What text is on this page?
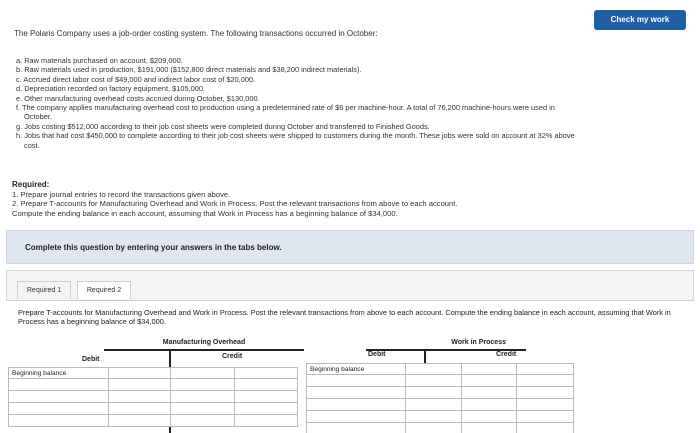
Check my work
The Polaris Company uses a job-order costing system. The following transactions occurred in October:
a. Raw materials purchased on account, $209,000.
b. Raw materials used in production, $191,000 ($152,800 direct materials and $38,200 indirect materials).
c. Accrued direct labor cost of $49,000 and indirect labor cost of $20,000.
d. Depreciation recorded on factory equipment, $105,000.
e. Other manufacturing overhead costs accrued during October, $130,000.
f. The company applies manufacturing overhead cost to production using a predetermined rate of $6 per machine-hour. A total of 76,200 machine-hours were used in October.
g. Jobs costing $512,000 according to their job cost sheets were completed during October and transferred to Finished Goods.
h. Jobs that had cost $450,000 to complete according to their job cost sheets were shipped to customers during the month. These jobs were sold on account at 32% above cost.
Required:
1. Prepare journal entries to record the transactions given above.
2. Prepare T-accounts for Manufacturing Overhead and Work in Process. Post the relevant transactions from above to each account.
Compute the ending balance in each account, assuming that Work in Process has a beginning balance of $34,000.
Complete this question by entering your answers in the tabs below.
Required 1	Required 2
Prepare T-accounts for Manufacturing Overhead and Work in Process. Post the relevant transactions from above to each account. Compute the ending balance in each account, assuming that Work in Process has a beginning balance of $34,000.
Manufacturing Overhead
Debit	Credit
Beginning balance
Work in Process
Debit	Credit
Beginning balance
